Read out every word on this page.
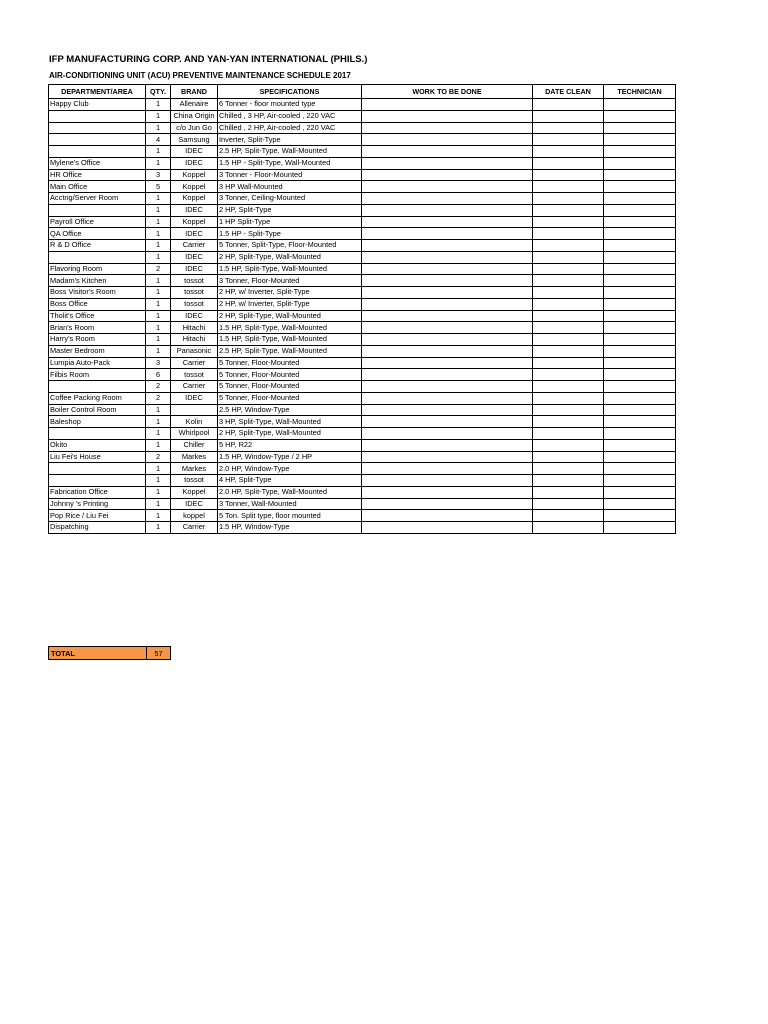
IFP MANUFACTURING CORP. AND YAN-YAN INTERNATIONAL (PHILS.)
AIR-CONDITIONING UNIT (ACU) PREVENTIVE MAINTENANCE SCHEDULE 2017
DEPARTMENT/AREA	QTY.	BRAND	SPECIFICATIONS	WORK TO BE DONE	DATE CLEAN	TECHNICIAN
Happy Club	1	Allenaire	6 Tonner - floor mounted type			
	1	China Origin	Chilled , 3 HP, Air-cooled , 220 VAC			
	1	c/o Jun Go	Chilled , 2 HP, Air-cooled , 220 VAC			
	4	Samsung	Inverter, Split-Type			
	1	IDEC	2.5 HP, Split-Type, Wall-Mounted			
Mylene's Office	1	IDEC	1.5 HP - Split-Type, Wall-Mounted			
HR Office	3	Koppel	3 Tonner - Floor-Mounted			
Main Office	5	Koppel	3 HP Wall-Mounted			
Acctng/Server Room	1	Koppel	3 Tonner, Ceiling-Mounted			
	1	IDEC	2 HP, Split-Type			
Payroll Office	1	Koppel	1 HP Split-Type			
QA Office	1	IDEC	1.5 HP - Split-Type			
R & D Office	1	Carrier	5 Tonner, Split-Type, Floor-Mounted			
	1	IDEC	2 HP, Split-Type, Wall-Mounted			
Flavoring Room	2	IDEC	1.5 HP, Split-Type, Wall-Mounted			
Madam's Kitchen	1	tossot	3 Tonner, Floor-Mounted			
Boss Visitor's Room	1	tossot	2 HP, w/ Inverter, Split-Type			
Boss Office	1	tossot	2 HP, w/ Inverter, Split-Type			
Tholit's Office	1	IDEC	2 HP, Split-Type, Wall-Mounted			
Brian's Room	1	Hitachi	1.5 HP, Split-Type, Wall-Mounted			
Harry's Room	1	Hitachi	1.5 HP, Split-Type, Wall-Mounted			
Master Bedroom	1	Panasonic	2.5 HP, Split-Type, Wall-Mounted			
Lumpia Auto-Pack	3	Carrier	5 Tonner, Floor-Mounted			
Filbis Room	6	tossot	5 Tonner, Floor-Mounted			
	2	Carrier	5 Tonner, Floor-Mounted			
Coffee Packing Room	2	IDEC	5 Tonner, Floor-Mounted			
Boiler Control Room	1		2.5 HP, Window-Type			
Baleshop	1	Kolin	3 HP, Split-Type, Wall-Mounted			
	1	Whirlpool	2 HP, Split-Type, Wall-Mounted			
Okito	1	Chiller	5 HP, R22			
Liu Fei's House	2	Markes	1.5 HP, Window-Type / 2 HP			
	1	Markes	2.0 HP, Window-Type			
	1	tossot	4 HP, Split-Type			
Fabrication Office	1	Koppel	2.0 HP, Split-Type, Wall-Mounted			
Johnny 's Printing	1	IDEC	3 Tonner, Wall-Mounted			
Pop Rice / Liu Fei	1	koppel	5 Ton. Split type, floor mounted			
Dispatching	1	Carrier	1.5 HP, Window-Type			
TOTAL	57
